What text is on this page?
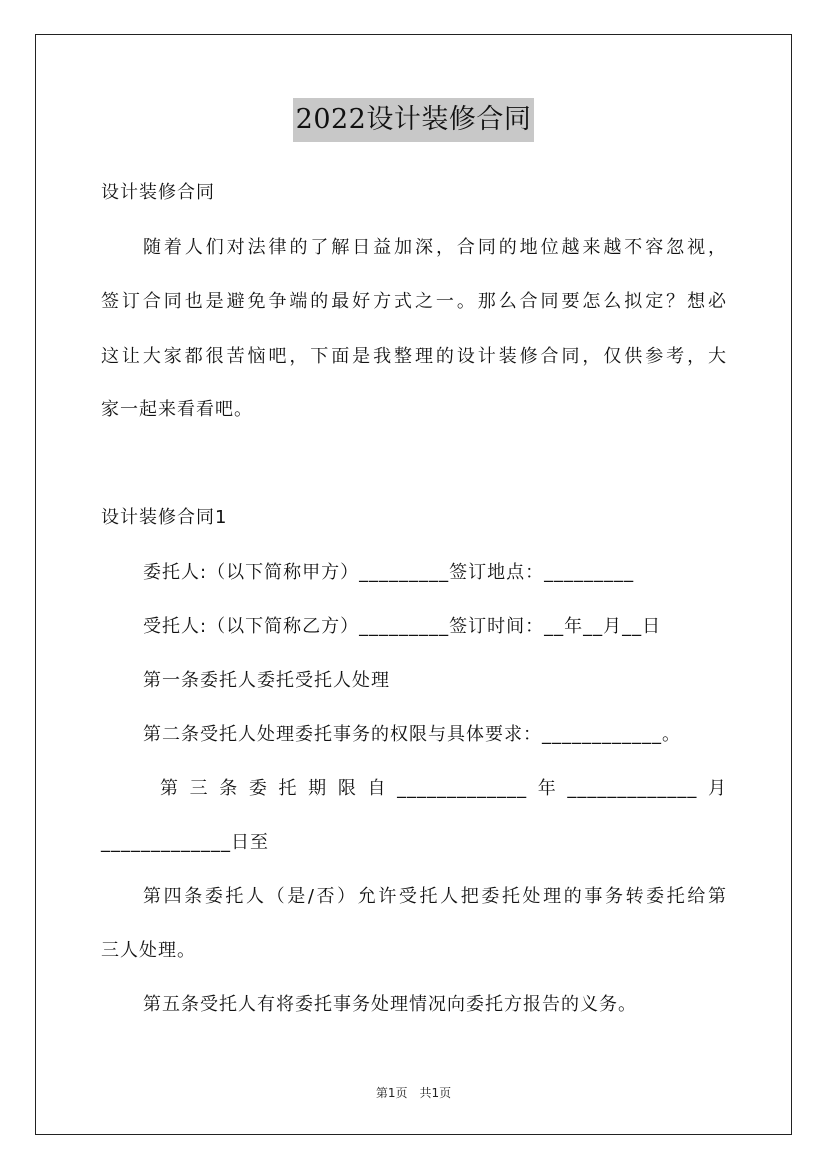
2022设计装修合同
设计装修合同
随着人们对法律的了解日益加深，合同的地位越来越不容忽视，
签订合同也是避免争端的最好方式之一。那么合同要怎么拟定？想必
这让大家都很苦恼吧，下面是我整理的设计装修合同，仅供参考，大
家一起来看看吧。
设计装修合同1
委托人:（以下简称甲方）_________签订地点：_________
受托人:（以下简称乙方）_________签订时间：__年__月__日
第一条委托人委托受托人处理
第二条受托人处理委托事务的权限与具体要求：____________。
第三条委托期限自_____________年_____________月
_____________日至
第四条委托人（是/否）允许受托人把委托处理的事务转委托给第
三人处理。
第五条受托人有将委托事务处理情况向委托方报告的义务。
第1页　共1页
